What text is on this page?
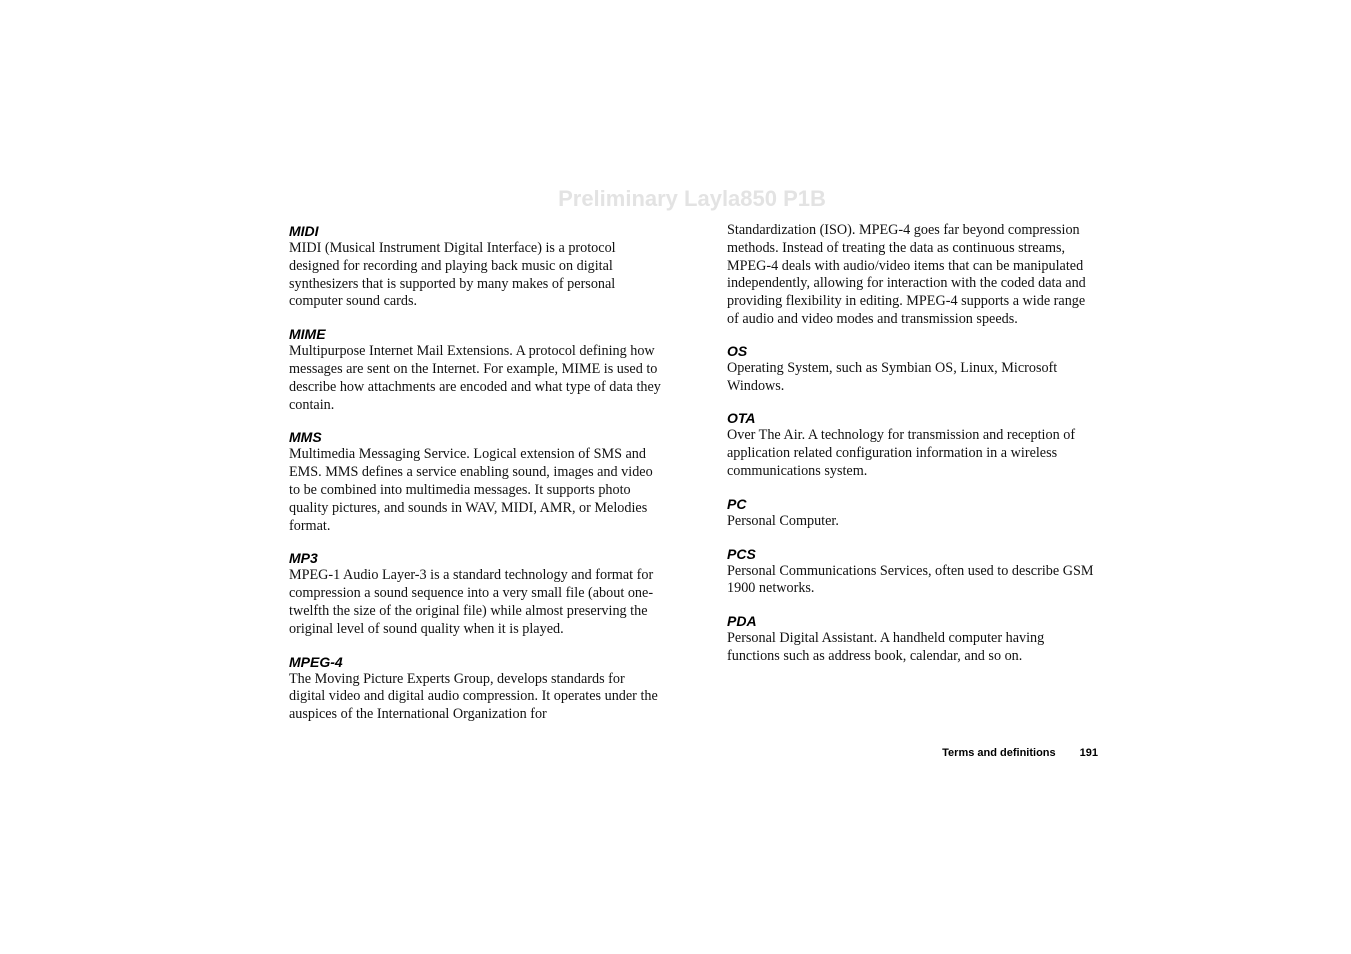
Preliminary Layla850 P1B

MIDI

MIDI (Musical Instrument Digital Interface) is a protocol designed for recording and playing back music on digital synthesizers that is supported by many makes of personal computer sound cards.

MIME

Multipurpose Internet Mail Extensions. A protocol defining how messages are sent on the Internet. For example, MIME is used to describe how attachments are encoded and what type of data they contain.

MMS

Multimedia Messaging Service. Logical extension of SMS and EMS. MMS defines a service enabling sound, images and video to be combined into multimedia messages. It supports photo quality pictures, and sounds in WAV, MIDI, AMR, or Melodies format.

MP3

MPEG-1 Audio Layer-3 is a standard technology and format for compression a sound sequence into a very small file (about one-twelfth the size of the original file) while almost preserving the original level of sound quality when it is played.

MPEG-4

The Moving Picture Experts Group, develops standards for digital video and digital audio compression. It operates under the auspices of the International Organization for

Standardization (ISO). MPEG-4 goes far beyond compression methods. Instead of treating the data as continuous streams, MPEG-4 deals with audio/video items that can be manipulated independently, allowing for interaction with the coded data and providing flexibility in editing. MPEG-4 supports a wide range of audio and video modes and transmission speeds.

OS

Operating System, such as Symbian OS, Linux, Microsoft Windows.

OTA

Over The Air. A technology for transmission and reception of application related configuration information in a wireless communications system.

PC

Personal Computer.

PCS

Personal Communications Services, often used to describe GSM 1900 networks.

PDA

Personal Digital Assistant. A handheld computer having functions such as address book, calendar, and so on.

Terms and definitions 191
